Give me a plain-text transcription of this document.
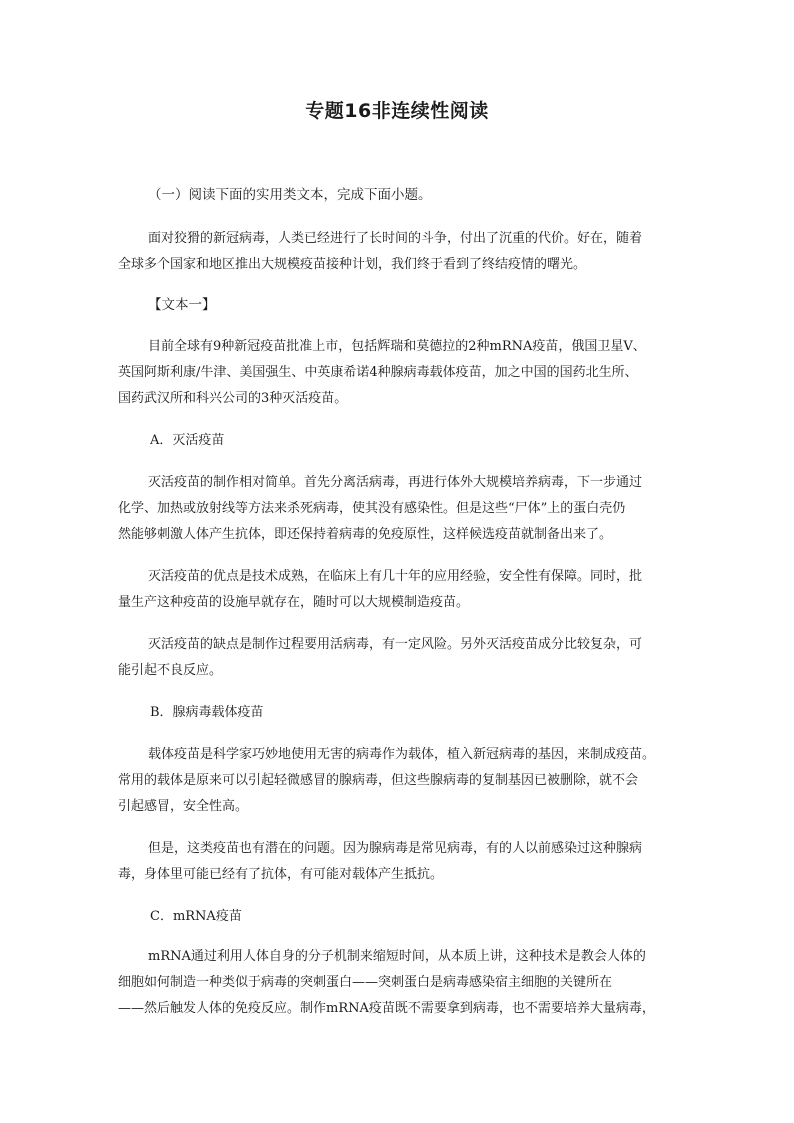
专题16非连续性阅读
（一）阅读下面的实用类文本，完成下面小题。
面对狡猾的新冠病毒，人类已经进行了长时间的斗争，付出了沉重的代价。好在，随着
全球多个国家和地区推出大规模疫苗接种计划，我们终于看到了终结疫情的曙光。
【文本一】
目前全球有9种新冠疫苗批准上市，包括辉瑞和莫德拉的2种mRNA疫苗，俄国卫星V、
英国阿斯利康/牛津、美国强生、中英康希诺4种腺病毒载体疫苗，加之中国的国药北生所、
国药武汉所和科兴公司的3种灭活疫苗。
A．灭活疫苗
灭活疫苗的制作相对简单。首先分离活病毒，再进行体外大规模培养病毒，下一步通过
化学、加热或放射线等方法来杀死病毒，使其没有感染性。但是这些“尸体”上的蛋白壳仍
然能够刺激人体产生抗体，即还保持着病毒的免疫原性，这样候选疫苗就制备出来了。
灭活疫苗的优点是技术成熟，在临床上有几十年的应用经验，安全性有保障。同时，批
量生产这种疫苗的设施早就存在，随时可以大规模制造疫苗。
灭活疫苗的缺点是制作过程要用活病毒，有一定风险。另外灭活疫苗成分比较复杂，可
能引起不良反应。
B．腺病毒载体疫苗
载体疫苗是科学家巧妙地使用无害的病毒作为载体，植入新冠病毒的基因，来制成疫苗。
常用的载体是原来可以引起轻微感冒的腺病毒，但这些腺病毒的复制基因已被删除，就不会
引起感冒，安全性高。
但是，这类疫苗也有潜在的问题。因为腺病毒是常见病毒，有的人以前感染过这种腺病
毒，身体里可能已经有了抗体，有可能对载体产生抵抗。
C．mRNA疫苗
mRNA通过利用人体自身的分子机制来缩短时间，从本质上讲，这种技术是教会人体的
细胞如何制造一种类似于病毒的突刺蛋白——突刺蛋白是病毒感染宿主细胞的关键所在
——然后触发人体的免疫反应。制作mRNA疫苗既不需要拿到病毒，也不需要培养大量病毒，
